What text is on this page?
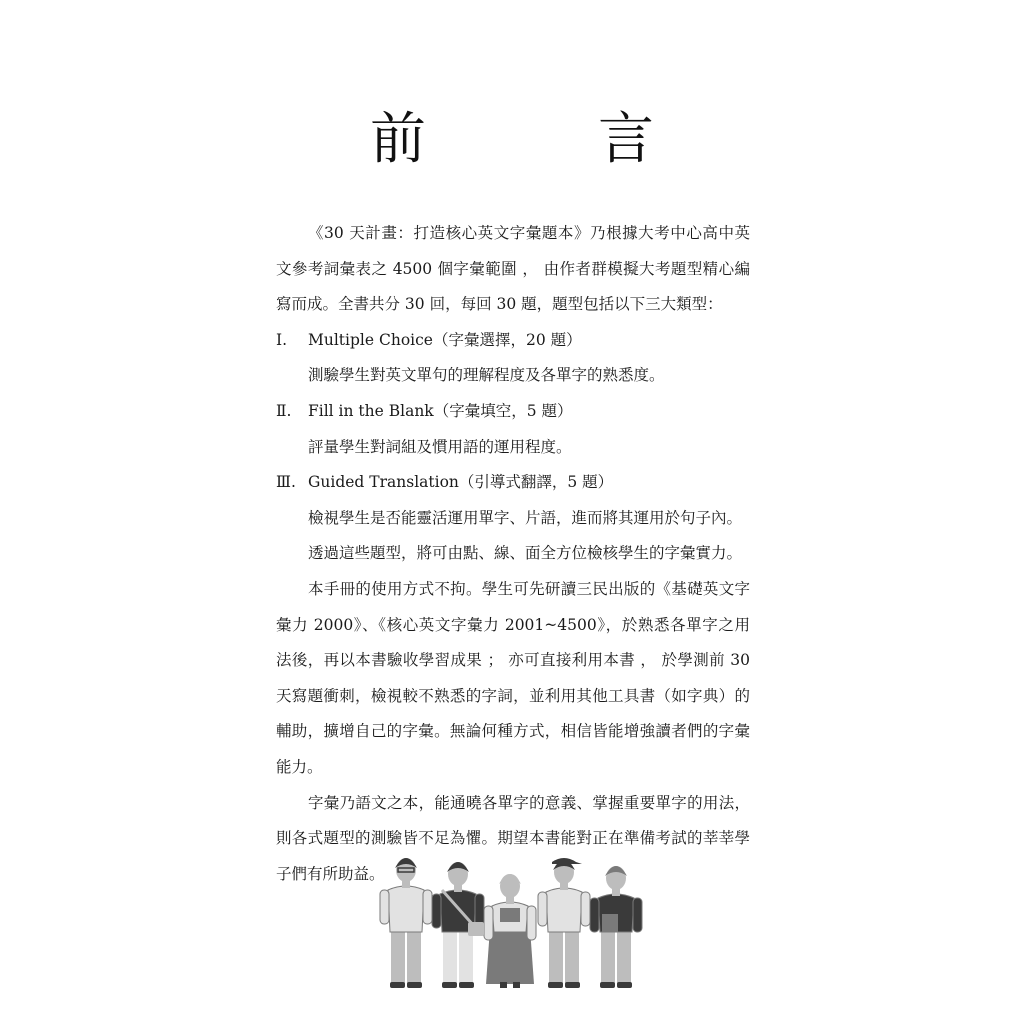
前　言

《30 天計畫：打造核心英文字彙題本》乃根據大考中心高中英文參考詞彙表之 4500 個字彙範圍 ， 由作者群模擬大考題型精心編寫而成。全書共分 30 回，每回 30 題，題型包括以下三大類型：

Ⅰ.	Multiple Choice（字彙選擇，20 題）

測驗學生對英文單句的理解程度及各單字的熟悉度。

Ⅱ.	Fill in the Blank（字彙填空，5 題）

評量學生對詞組及慣用語的運用程度。

Ⅲ. Guided Translation（引導式翻譯，5 題）

檢視學生是否能靈活運用單字、片語，進而將其運用於句子內。

透過這些題型，將可由點、線、面全方位檢核學生的字彙實力。

本手冊的使用方式不拘。學生可先研讀三民出版的《基礎英文字彙力 2000》、《核心英文字彙力 2001~4500》，於熟悉各單字之用法後，再以本書驗收學習成果 ； 亦可直接利用本書 ， 於學測前 30 天寫題衝刺，檢視較不熟悉的字詞，並利用其他工具書（如字典）的輔助，擴增自己的字彙。無論何種方式，相信皆能增強讀者們的字彙能力。

字彙乃語文之本，能通曉各單字的意義、掌握重要單字的用法，則各式題型的測驗皆不足為懼。期望本書能對正在準備考試的莘莘學子們有所助益。
